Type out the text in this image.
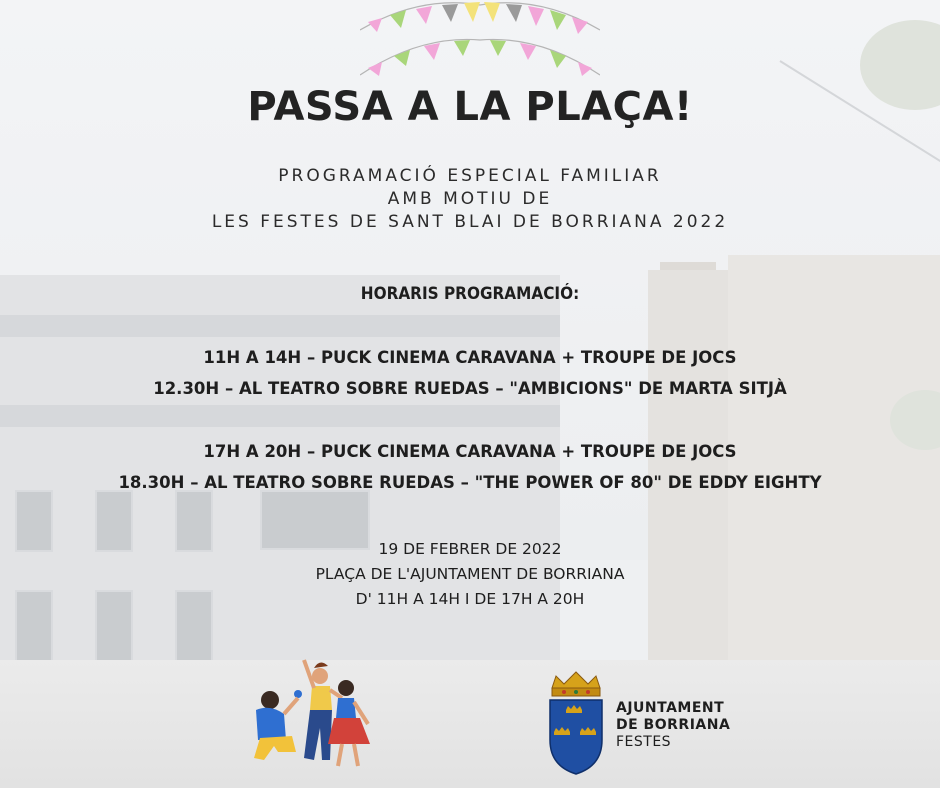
PASSA A LA PLAÇA!
PROGRAMACIÓ ESPECIAL FAMILIAR
AMB MOTIU DE
LES FESTES DE SANT BLAI DE BORRIANA 2022
HORARIS PROGRAMACIÓ:
11H A 14H – PUCK CINEMA CARAVANA + TROUPE DE JOCS
12.30H – AL TEATRO SOBRE RUEDAS – "AMBICIONS" DE MARTA SITJÀ
17H A 20H – PUCK CINEMA CARAVANA + TROUPE DE JOCS
18.30H – AL TEATRO SOBRE RUEDAS – "THE POWER OF 80" DE EDDY EIGHTY
19 DE FEBRER DE 2022
PLAÇA DE L'AJUNTAMENT DE BORRIANA
D' 11H A 14H I DE 17H A 20H
AJUNTAMENT
DE BORRIANA
FESTES
